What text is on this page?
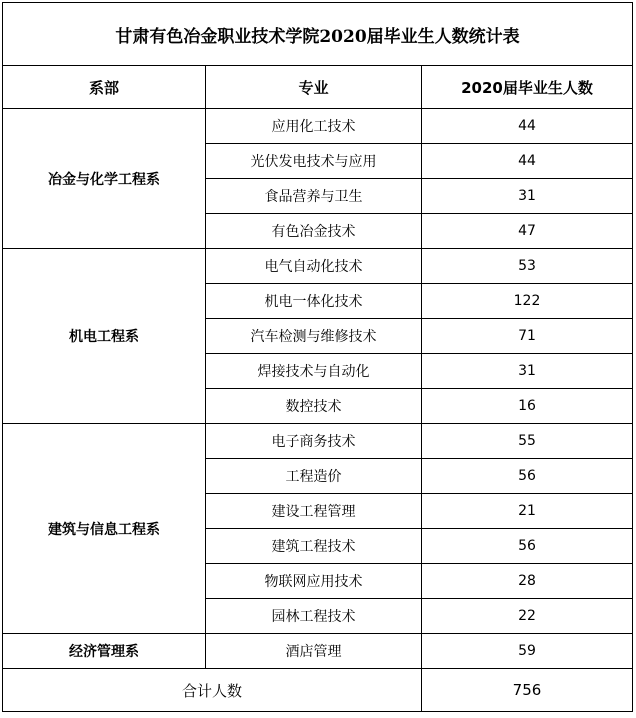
甘肃有色冶金职业技术学院2020届毕业生人数统计表		
系部	专业	2020届毕业生人数
冶金与化学工程系	应用化工技术	44
	光伏发电技术与应用	44
	食品营养与卫生	31
	有色冶金技术	47
机电工程系	电气自动化技术	53
	机电一体化技术	122
	汽车检测与维修技术	71
	焊接技术与自动化	31
	数控技术	16
建筑与信息工程系	电子商务技术	55
	工程造价	56
	建设工程管理	21
	建筑工程技术	56
	物联网应用技术	28
	园林工程技术	22
经济管理系	酒店管理	59
合计人数		756
